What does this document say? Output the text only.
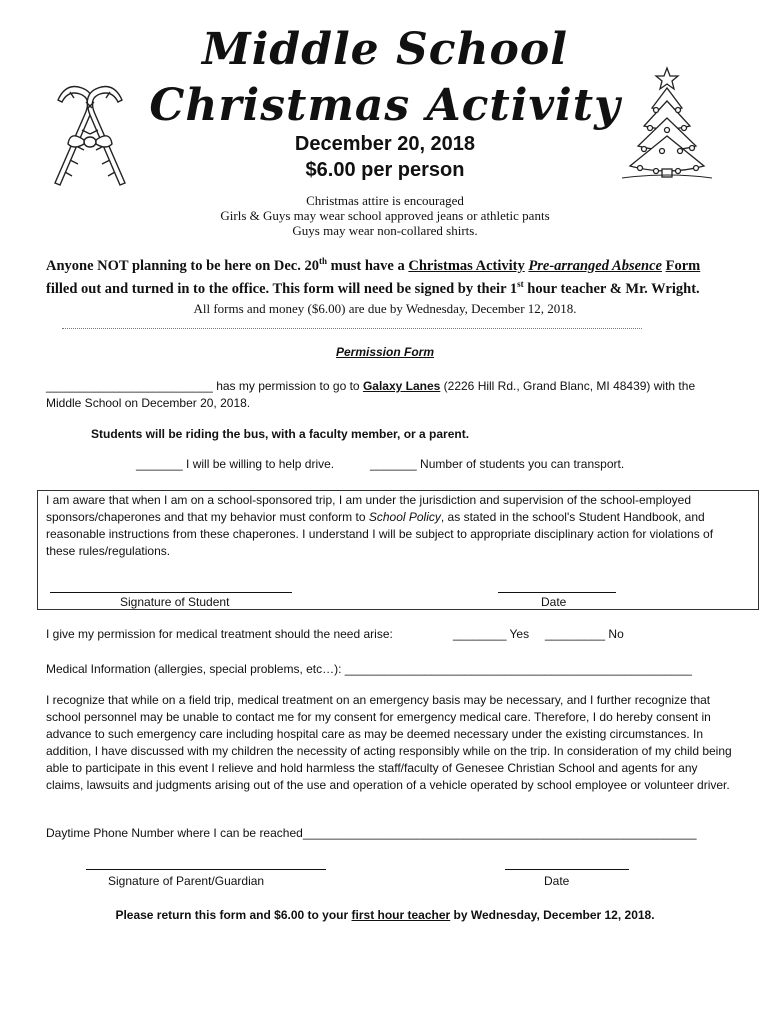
Middle School
Christmas Activity
December 20, 2018
$6.00 per person
Christmas attire is encouraged
Girls & Guys may wear school approved jeans or athletic pants
Guys may wear non-collared shirts.
Anyone NOT planning to be here on Dec. 20th must have a Christmas Activity Pre-arranged Absence Form
filled out and turned in to the office. This form will need be signed by their 1st hour teacher & Mr. Wright.
All forms and money ($6.00) are due by Wednesday, December 12, 2018.
Permission Form
_________________________ has my permission to go to Galaxy Lanes (2226 Hill Rd., Grand Blanc, MI 48439) with the
Middle School on December 20, 2018.
Students will be riding the bus, with a faculty member, or a parent.
_______ I will be willing to help drive.	_______ Number of students you can transport.
I am aware that when I am on a school-sponsored trip, I am under the jurisdiction and supervision of the school-employed sponsors/chaperones and that my behavior must conform to School Policy, as stated in the school's Student Handbook, and reasonable instructions from these chaperones. I understand I will be subject to appropriate disciplinary action for violations of these rules/regulations.
Signature of Student	Date
I give my permission for medical treatment should the need arise:	________ Yes _________ No
Medical Information (allergies, special problems, etc…): ____________________________________________________
I recognize that while on a field trip, medical treatment on an emergency basis may be necessary, and I further recognize that school personnel may be unable to contact me for my consent for emergency medical care. Therefore, I do hereby consent in advance to such emergency care including hospital care as may be deemed necessary under the existing circumstances. In addition, I have discussed with my children the necessity of acting responsibly while on the trip. In consideration of my child being able to participate in this event I relieve and hold harmless the staff/faculty of Genesee Christian School and agents for any claims, lawsuits and judgments arising out of the use and operation of a vehicle operated by school employee or volunteer driver.
Daytime Phone Number where I can be reached___________________________________________________________
Signature of Parent/Guardian	Date
Please return this form and $6.00 to your first hour teacher by Wednesday, December 12, 2018.
